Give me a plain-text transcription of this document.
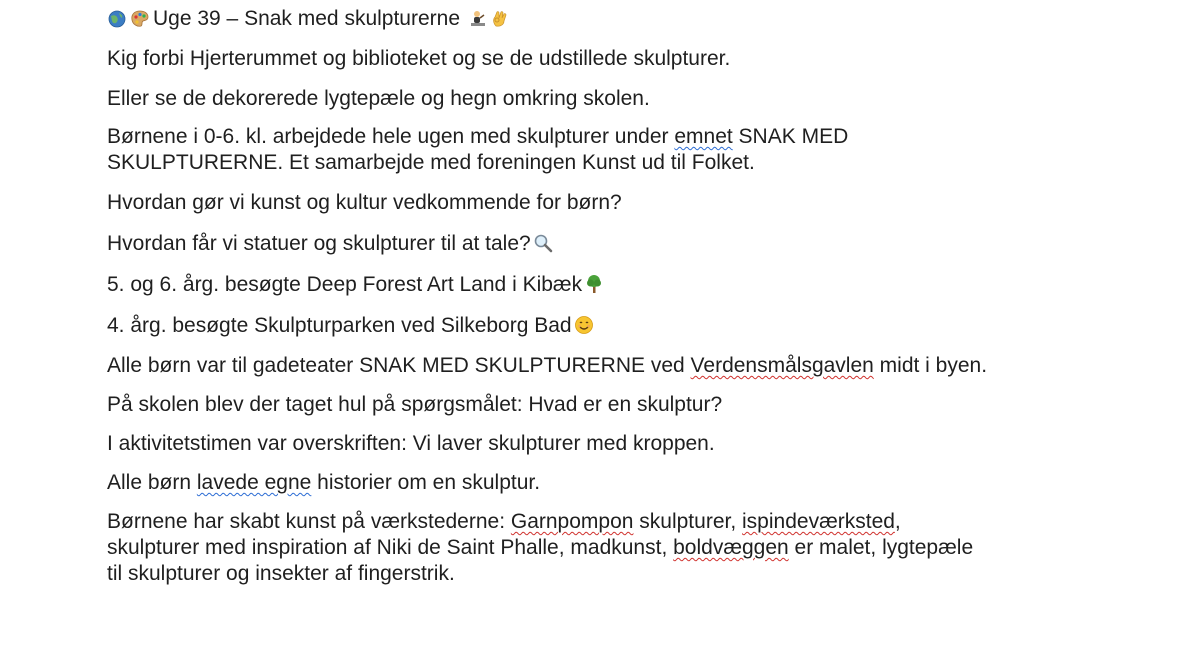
Uge 39 – Snak med skulpturerne

Kig forbi Hjerterummet og biblioteket og se de udstillede skulpturer.

Eller se de dekorerede lygtepæle og hegn omkring skolen.

Børnene i 0-6. kl. arbejdede hele ugen med skulpturer under emnet SNAK MED
SKULPTURERNE. Et samarbejde med foreningen Kunst ud til Folket.

Hvordan gør vi kunst og kultur vedkommende for børn?

Hvordan får vi statuer og skulpturer til at tale?

5. og 6. årg. besøgte Deep Forest Art Land i Kibæk

4. årg. besøgte Skulpturparken ved Silkeborg Bad

Alle børn var til gadeteater SNAK MED SKULPTURERNE ved Verdensmålsgavlen midt i byen.

På skolen blev der taget hul på spørgsmålet: Hvad er en skulptur?

I aktivitetstimen var overskriften: Vi laver skulpturer med kroppen.

Alle børn lavede egne historier om en skulptur.

Børnene har skabt kunst på værkstederne: Garnpompon skulpturer, ispindeværksted,
skulpturer med inspiration af Niki de Saint Phalle, madkunst, boldvæggen er malet, lygtepæle
til skulpturer og insekter af fingerstrik.
